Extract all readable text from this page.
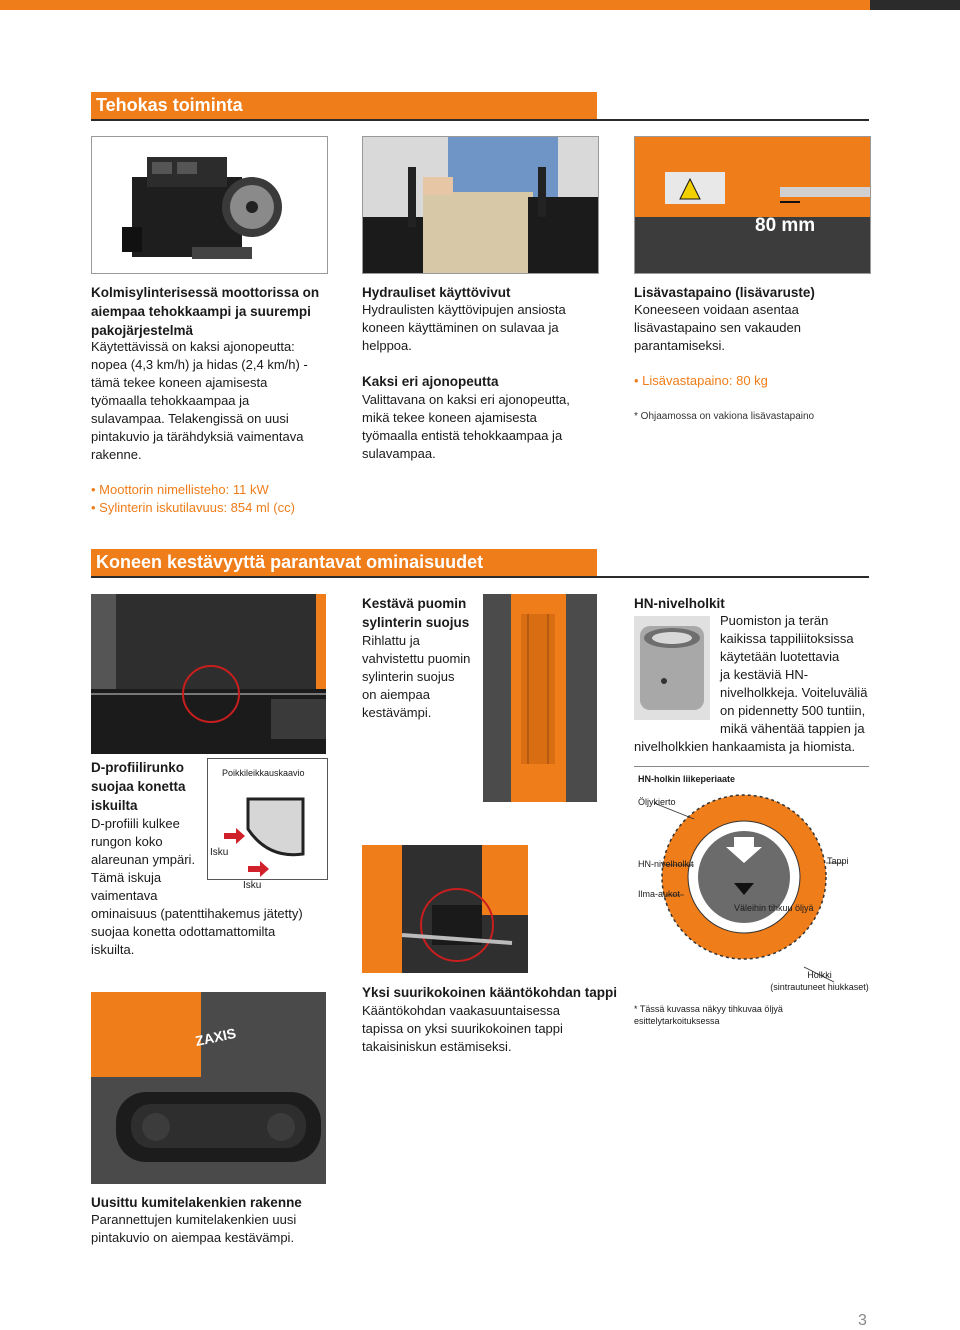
Tehokas toiminta
80 mm
Kolmisylinterisessä moottorissa on aiempaa tehokkaampi ja suurempi pakojärjestelmä
Käytettävissä on kaksi ajonopeutta: nopea (4,3 km/h) ja hidas (2,4 km/h) - tämä tekee koneen ajamisesta työmaalla tehokkaampaa ja sulavampaa. Telakengissä on uusi pintakuvio ja tärähdyksiä vaimentava rakenne.
• Moottorin nimellisteho: 11 kW
• Sylinterin iskutilavuus: 854 ml (cc)
Hydrauliset käyttövivut
Hydraulisten käyttövipujen ansiosta koneen käyttäminen on sulavaa ja helppoa.
Kaksi eri ajonopeutta
Valittavana on kaksi eri ajonopeutta, mikä tekee koneen ajamisesta työmaalla entistä tehokkaampaa ja sulavampaa.
Lisävastapaino (lisävaruste)
Koneeseen voidaan asentaa lisävastapaino sen vakauden parantamiseksi.
• Lisävastapaino: 80 kg
* Ohjaamossa on vakiona lisävastapaino
Koneen kestävyyttä parantavat ominaisuudet
D-profiilirunko
suojaa konetta
iskuilta
D-profiili kulkee
rungon koko
alareunan ympäri.
Tämä iskuja
vaimentava
ominaisuus (patenttihakemus jätetty)
suojaa konetta odottamattomilta
iskuilta.
Poikkileikkauskaavio
Isku
Isku
Kestävä puomin
sylinterin suojus
Rihlattu ja
vahvistettu puomin
sylinterin suojus
on aiempaa
kestävämpi.
Yksi suurikokoinen kääntökohdan tappi
Kääntökohdan vaakasuuntaisessa tapissa on yksi suurikokoinen tappi takaisiniskun estämiseksi.
HN-nivelholkit
Puomiston ja terän
kaikissa tappiliitoksissa
käytetään luotettavia
ja kestäviä HN-
nivelholkkeja. Voiteluväliä
on pidennetty 500 tuntiin,
mikä vähentää tappien ja
nivelholkkien hankaamista ja hiomista.
HN-holkin liikeperiaate
Öljykierto
HN-nivelholkit	Tappi
Ilma-aukot
Väleihin tihkuu öljyä
Holkki
(sintrautuneet hiukkaset)
* Tässä kuvassa näkyy tihkuvaa öljyä esittelytarkoituksessa
ZAXIS
Uusittu kumitelakenkien rakenne
Parannettujen kumitelakenkien uusi pintakuvio on aiempaa kestävämpi.
3
